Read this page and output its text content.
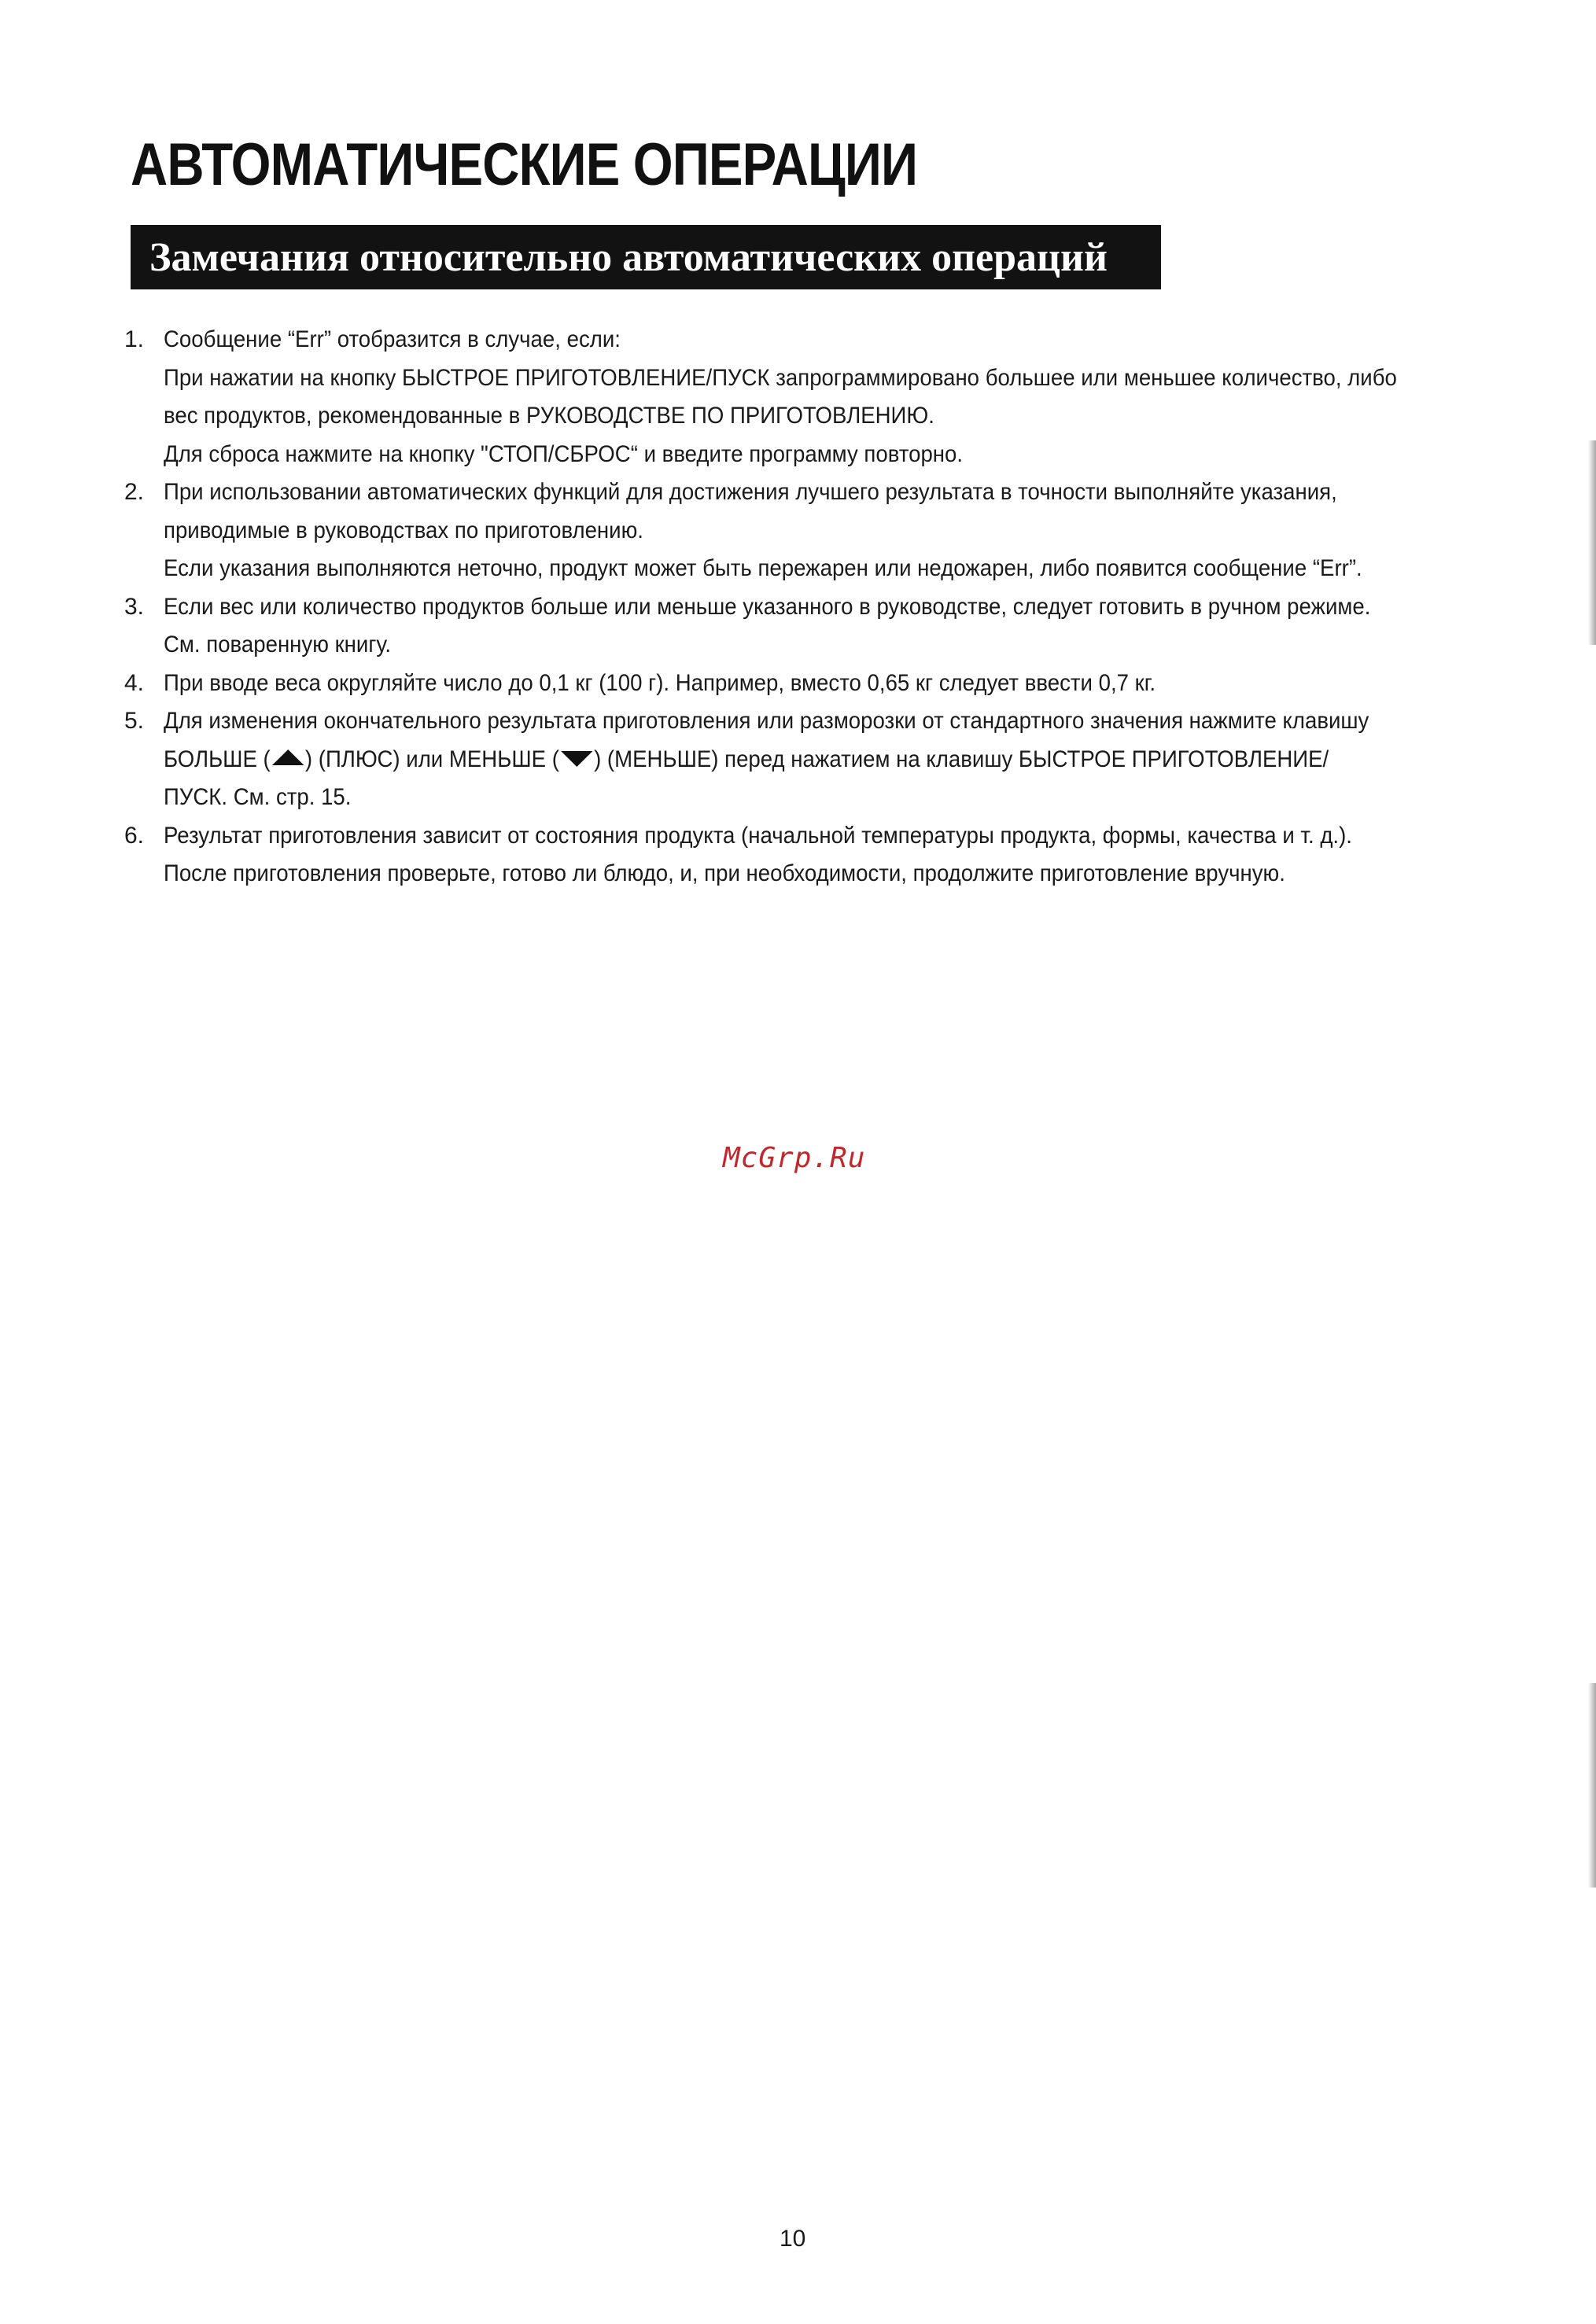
АВТОМАТИЧЕСКИЕ ОПЕРАЦИИ
Замечания относительно автоматических операций
1. Сообщение “Err” отобразится в случае, если:
При нажатии на кнопку БЫСТРОЕ ПРИГОТОВЛЕНИЕ/ПУСК запрограммировано большее или меньшее количество, либо
вес продуктов, рекомендованные в РУКОВОДСТВЕ ПО ПРИГОТОВЛЕНИЮ.
Для сброса нажмите на кнопку "СТОП/СБРОС“ и введите программу повторно.
2. При использовании автоматических функций для достижения лучшего результата в точности выполняйте указания,
приводимые в руководствах по приготовлению.
Если указания выполняются неточно, продукт может быть пережарен или недожарен, либо появится сообщение “Err”.
3. Если вес или количество продуктов больше или меньше указанного в руководстве, следует готовить в ручном режиме.
См. поваренную книгу.
4. При вводе веса округляйте число до 0,1 кг (100 г). Например, вместо 0,65 кг следует ввести 0,7 кг.
5. Для изменения окончательного результата приготовления или разморозки от стандартного значения нажмите клавишу
БОЛЬШЕ ( ) (ПЛЮС) или МЕНЬШЕ ( ) (МЕНЬШЕ) перед нажатием на клавишу БЫСТРОЕ ПРИГОТОВЛЕНИЕ/
ПУСК. См. стр. 15.
6. Результат приготовления зависит от состояния продукта (начальной температуры продукта, формы, качества и т. д.).
После приготовления проверьте, готово ли блюдо, и, при необходимости, продолжите приготовление вручную.
McGrp.Ru
10
